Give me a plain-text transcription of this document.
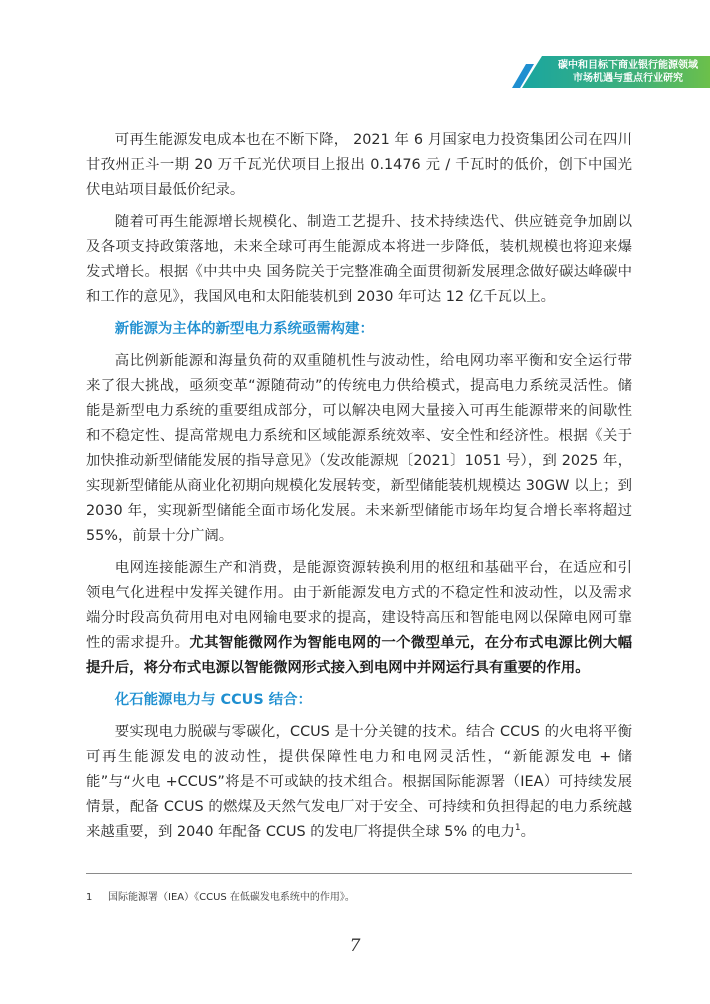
碳中和目标下商业银行能源领域
市场机遇与重点行业研究

可再生能源发电成本也在不断下降， 2021 年 6 月国家电力投资集团公司在四川甘孜州正斗一期 20 万千瓦光伏项目上报出 0.1476 元 / 千瓦时的低价，创下中国光伏电站项目最低价纪录。

随着可再生能源增长规模化、制造工艺提升、技术持续迭代、供应链竞争加剧以及各项支持政策落地，未来全球可再生能源成本将进一步降低，装机规模也将迎来爆发式增长。根据《中共中央 国务院关于完整准确全面贯彻新发展理念做好碳达峰碳中和工作的意见》，我国风电和太阳能装机到 2030 年可达 12 亿千瓦以上。

新能源为主体的新型电力系统亟需构建：

高比例新能源和海量负荷的双重随机性与波动性，给电网功率平衡和安全运行带来了很大挑战，亟须变革“源随荷动”的传统电力供给模式，提高电力系统灵活性。储能是新型电力系统的重要组成部分，可以解决电网大量接入可再生能源带来的间歇性和不稳定性、提高常规电力系统和区域能源系统效率、安全性和经济性。根据《关于加快推动新型储能发展的指导意见》（发改能源规〔2021〕1051 号），到 2025 年，实现新型储能从商业化初期向规模化发展转变，新型储能装机规模达 30GW 以上；到 2030 年，实现新型储能全面市场化发展。未来新型储能市场年均复合增长率将超过 55%，前景十分广阔。

电网连接能源生产和消费，是能源资源转换利用的枢纽和基础平台，在适应和引领电气化进程中发挥关键作用。由于新能源发电方式的不稳定性和波动性，以及需求端分时段高负荷用电对电网输电要求的提高，建设特高压和智能电网以保障电网可靠性的需求提升。尤其智能微网作为智能电网的一个微型单元，在分布式电源比例大幅提升后，将分布式电源以智能微网形式接入到电网中并网运行具有重要的作用。

化石能源电力与 CCUS 结合：

要实现电力脱碳与零碳化，CCUS 是十分关键的技术。结合 CCUS 的火电将平衡可再生能源发电的波动性，提供保障性电力和电网灵活性，“新能源发电 + 储能”与“火电 +CCUS”将是不可或缺的技术组合。根据国际能源署（IEA）可持续发展情景，配备 CCUS 的燃煤及天然气发电厂对于安全、可持续和负担得起的电力系统越来越重要，到 2040 年配备 CCUS 的发电厂将提供全球 5% 的电力$^1$。

1 国际能源署（IEA）《CCUS 在低碳发电系统中的作用》。
7
